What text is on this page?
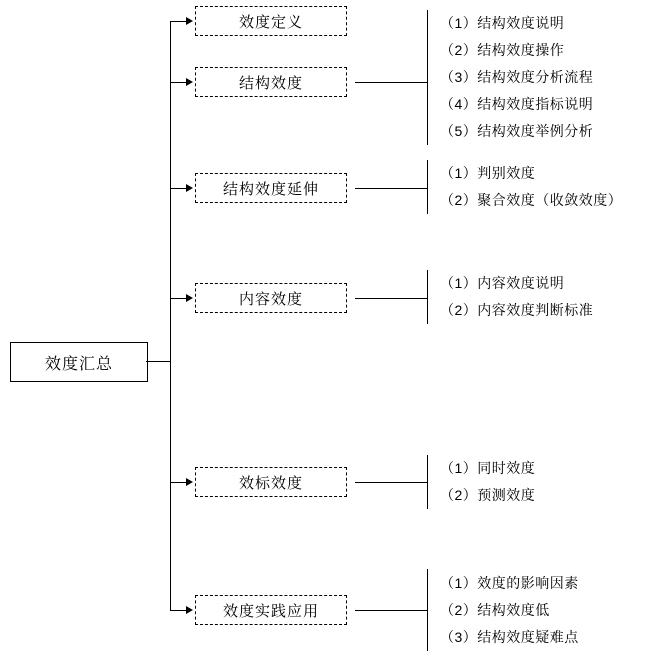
效度汇总
效度定义
结构效度
（1）结构效度说明
（2）结构效度操作
（3）结构效度分析流程
（4）结构效度指标说明
（5）结构效度举例分析
结构效度延伸
（1）判别效度
（2）聚合效度（收敛效度）
内容效度
（1）内容效度说明
（2）内容效度判断标准
效标效度
（1）同时效度
（2）预测效度
效度实践应用
（1）效度的影响因素
（2）结构效度低
（3）结构效度疑难点
